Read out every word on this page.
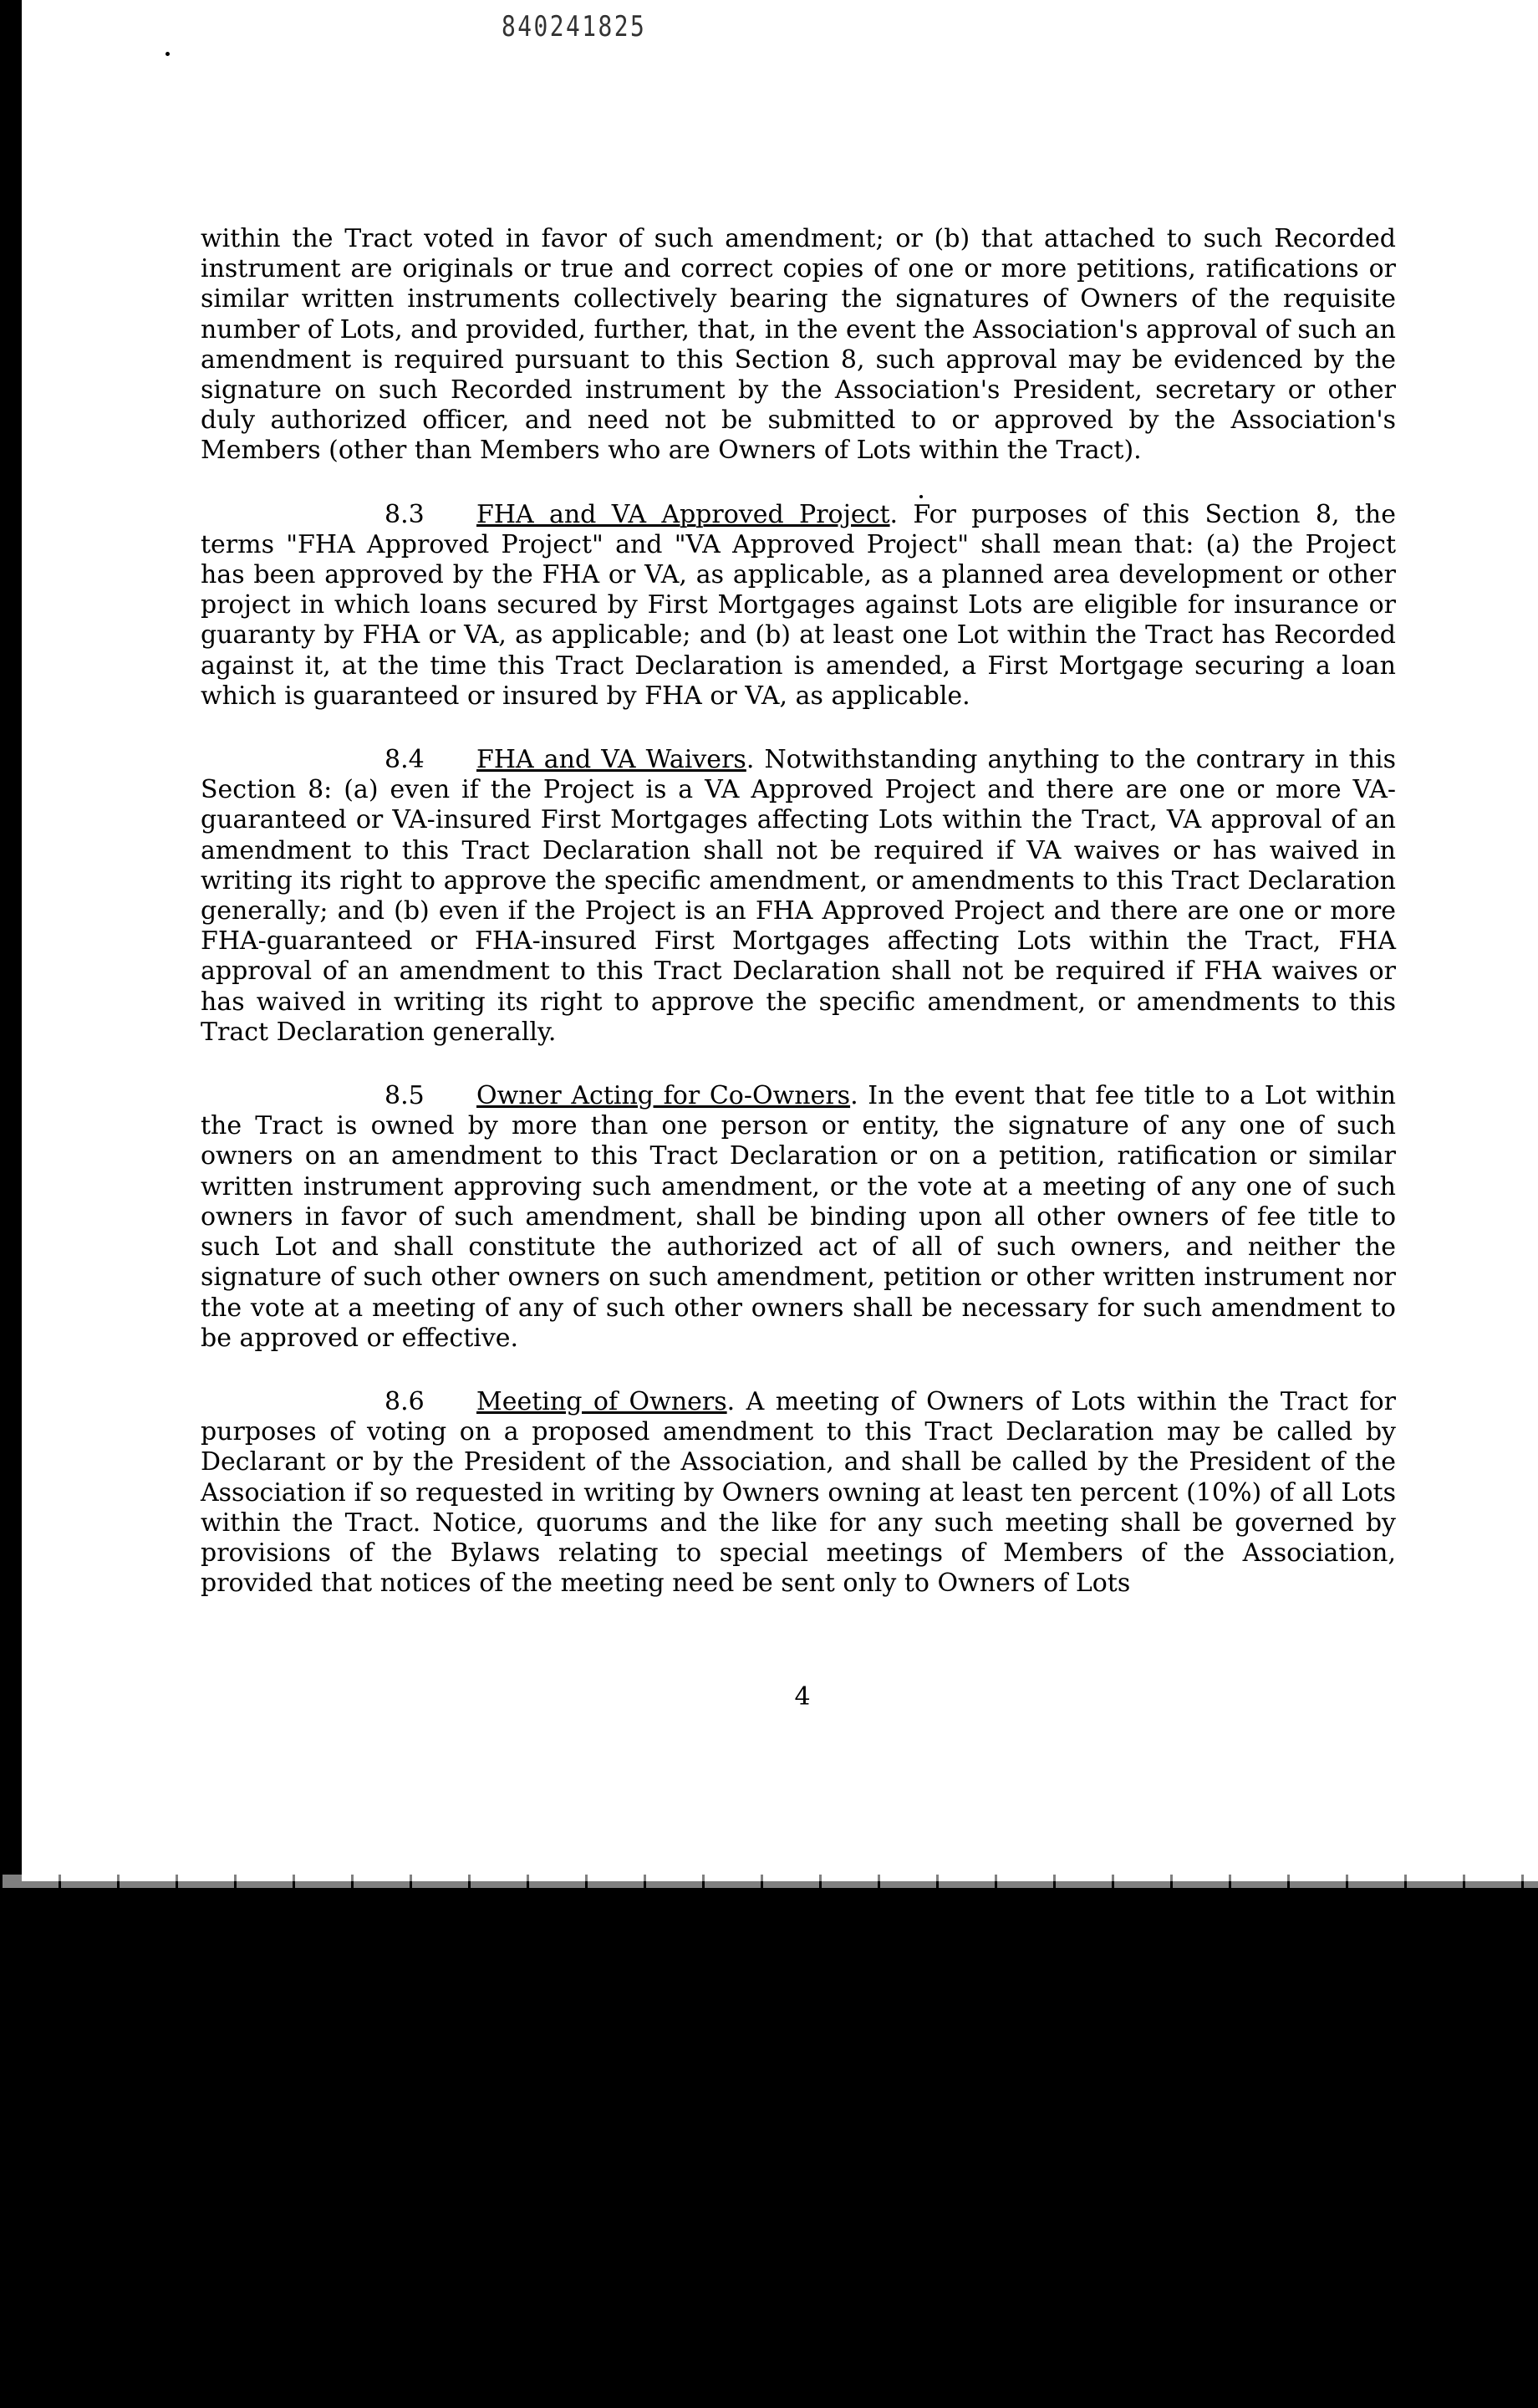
840241825

within the Tract voted in favor of such amendment; or (b) that attached to such Recorded instrument are originals or true and correct copies of one or more petitions, ratifications or similar written instruments collectively bearing the signatures of Owners of the requisite number of Lots, and provided, further, that, in the event the Association's approval of such an amendment is required pursuant to this Section 8, such approval may be evidenced by the signature on such Recorded instrument by the Association's President, secretary or other duly authorized officer, and need not be submitted to or approved by the Association's Members (other than Members who are Owners of Lots within the Tract).

8.3 FHA and VA Approved Project. For purposes of this Section 8, the terms "FHA Approved Project" and "VA Approved Project" shall mean that: (a) the Project has been approved by the FHA or VA, as applicable, as a planned area development or other project in which loans secured by First Mortgages against Lots are eligible for insurance or guaranty by FHA or VA, as applicable; and (b) at least one Lot within the Tract has Recorded against it, at the time this Tract Declaration is amended, a First Mortgage securing a loan which is guaranteed or insured by FHA or VA, as applicable.

8.4 FHA and VA Waivers. Notwithstanding anything to the contrary in this Section 8: (a) even if the Project is a VA Approved Project and there are one or more VA-guaranteed or VA-insured First Mortgages affecting Lots within the Tract, VA approval of an amendment to this Tract Declaration shall not be required if VA waives or has waived in writing its right to approve the specific amendment, or amendments to this Tract Declaration generally; and (b) even if the Project is an FHA Approved Project and there are one or more FHA-guaranteed or FHA-insured First Mortgages affecting Lots within the Tract, FHA approval of an amendment to this Tract Declaration shall not be required if FHA waives or has waived in writing its right to approve the specific amendment, or amendments to this Tract Declaration generally.

8.5 Owner Acting for Co-Owners. In the event that fee title to a Lot within the Tract is owned by more than one person or entity, the signature of any one of such owners on an amendment to this Tract Declaration or on a petition, ratification or similar written instrument approving such amendment, or the vote at a meeting of any one of such owners in favor of such amendment, shall be binding upon all other owners of fee title to such Lot and shall constitute the authorized act of all of such owners, and neither the signature of such other owners on such amendment, petition or other written instrument nor the vote at a meeting of any of such other owners shall be necessary for such amendment to be approved or effective.

8.6 Meeting of Owners. A meeting of Owners of Lots within the Tract for purposes of voting on a proposed amendment to this Tract Declaration may be called by Declarant or by the President of the Association, and shall be called by the President of the Association if so requested in writing by Owners owning at least ten percent (10%) of all Lots within the Tract. Notice, quorums and the like for any such meeting shall be governed by provisions of the Bylaws relating to special meetings of Members of the Association, provided that notices of the meeting need be sent only to Owners of Lots

4
